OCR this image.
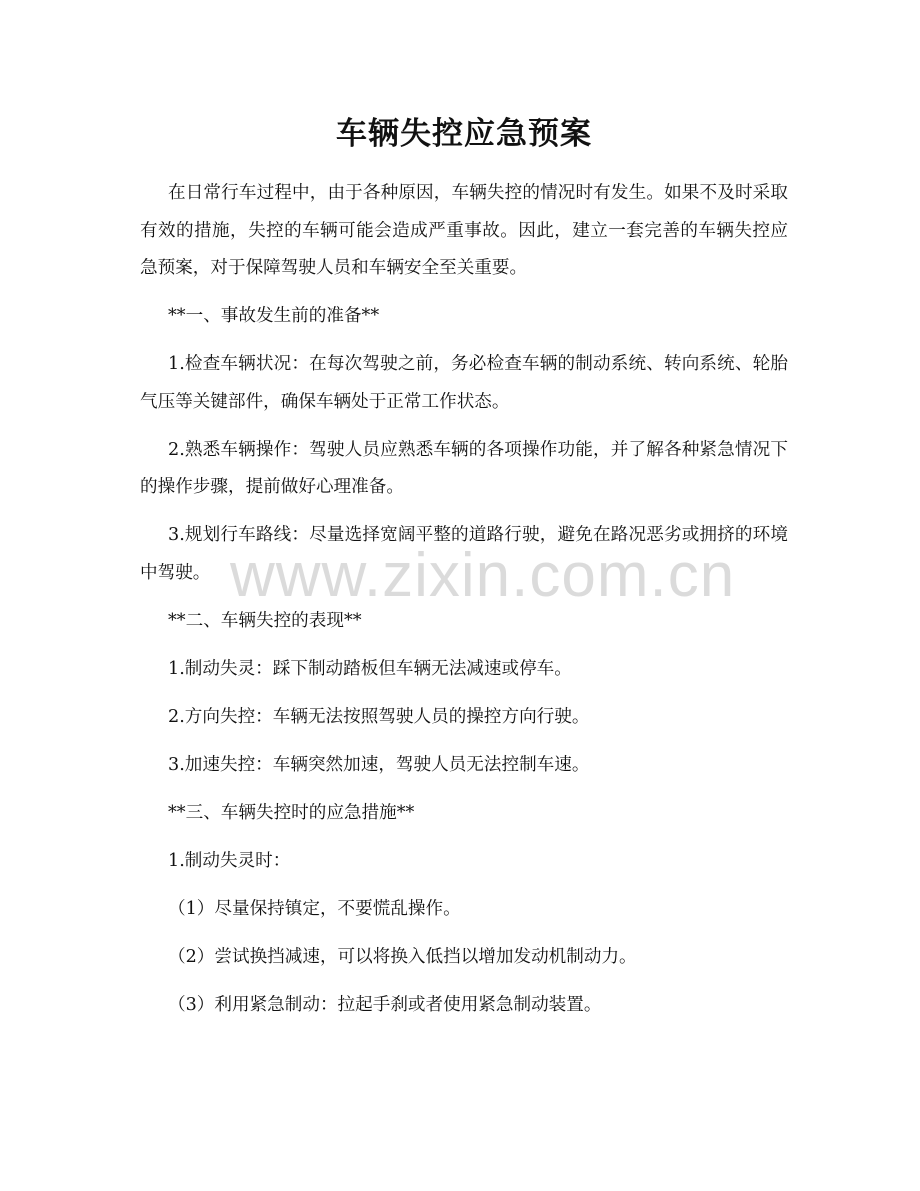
车辆失控应急预案

在日常行车过程中，由于各种原因，车辆失控的情况时有发生。如果不及时采取有效的措施，失控的车辆可能会造成严重事故。因此，建立一套完善的车辆失控应急预案，对于保障驾驶人员和车辆安全至关重要。

**一、事故发生前的准备**

1.检查车辆状况：在每次驾驶之前，务必检查车辆的制动系统、转向系统、轮胎气压等关键部件，确保车辆处于正常工作状态。

2.熟悉车辆操作：驾驶人员应熟悉车辆的各项操作功能，并了解各种紧急情况下的操作步骤，提前做好心理准备。

3.规划行车路线：尽量选择宽阔平整的道路行驶，避免在路况恶劣或拥挤的环境中驾驶。

**二、车辆失控的表现**

1.制动失灵：踩下制动踏板但车辆无法减速或停车。

2.方向失控：车辆无法按照驾驶人员的操控方向行驶。

3.加速失控：车辆突然加速，驾驶人员无法控制车速。

**三、车辆失控时的应急措施**

1.制动失灵时：

（1）尽量保持镇定，不要慌乱操作。

（2）尝试换挡减速，可以将换入低挡以增加发动机制动力。

（3）利用紧急制动：拉起手刹或者使用紧急制动装置。

www.zixin.com.cn
